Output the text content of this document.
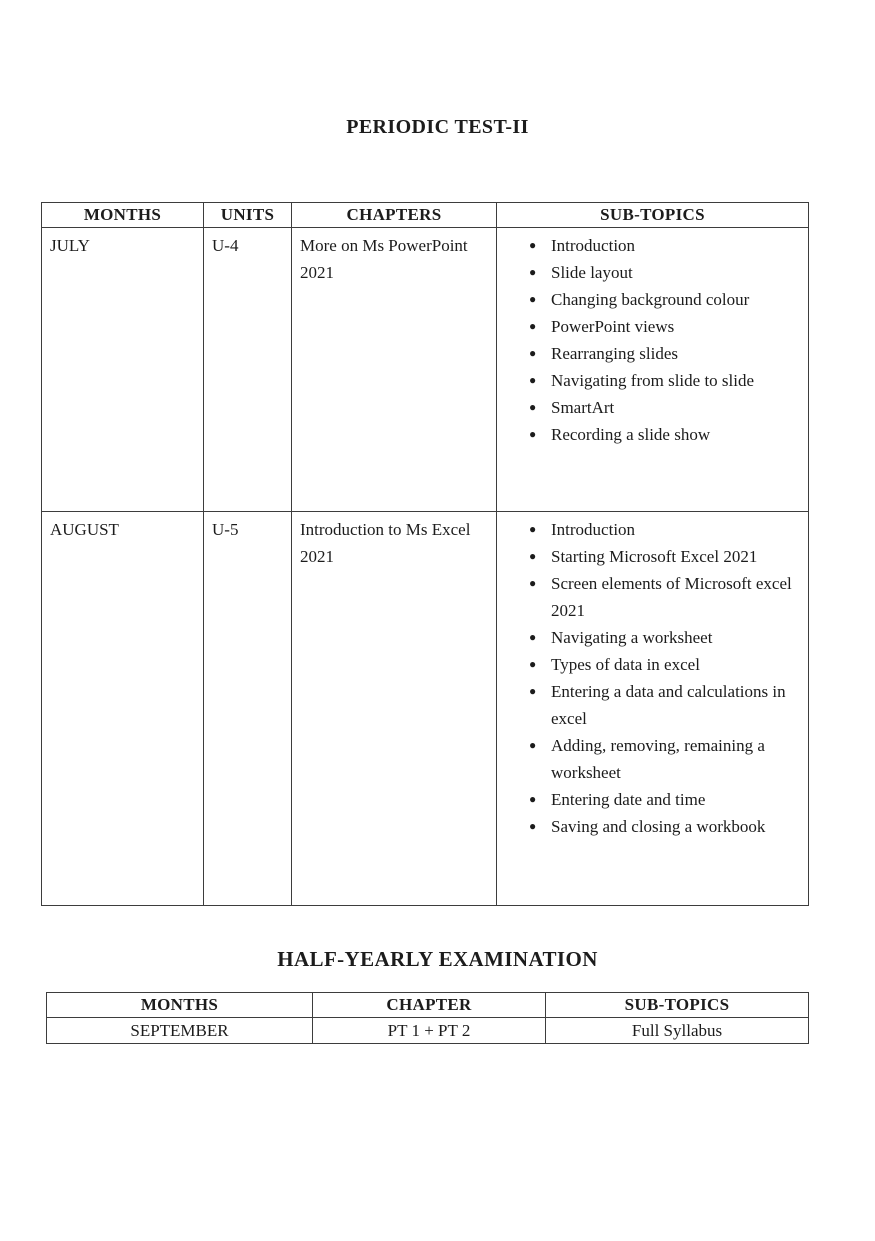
PERIODIC TEST-II
MONTHS	UNITS	CHAPTERS	SUB-TOPICS
JULY	U-4	More on Ms PowerPoint 2021	
● Introduction
● Slide layout
● Changing background colour
● PowerPoint views
● Rearranging slides
● Navigating from slide to slide
● SmartArt
● Recording a slide show

AUGUST	U-5	Introduction to Ms Excel 2021	
● Introduction
● Starting Microsoft Excel 2021
● Screen elements of Microsoft excel 2021
● Navigating a worksheet
● Types of data in excel
● Entering a data and calculations in excel
● Adding, removing, remaining a worksheet
● Entering date and time
● Saving and closing a workbook
HALF-YEARLY EXAMINATION
MONTHS	CHAPTER	SUB-TOPICS
SEPTEMBER	PT 1 + PT 2	Full Syllabus
